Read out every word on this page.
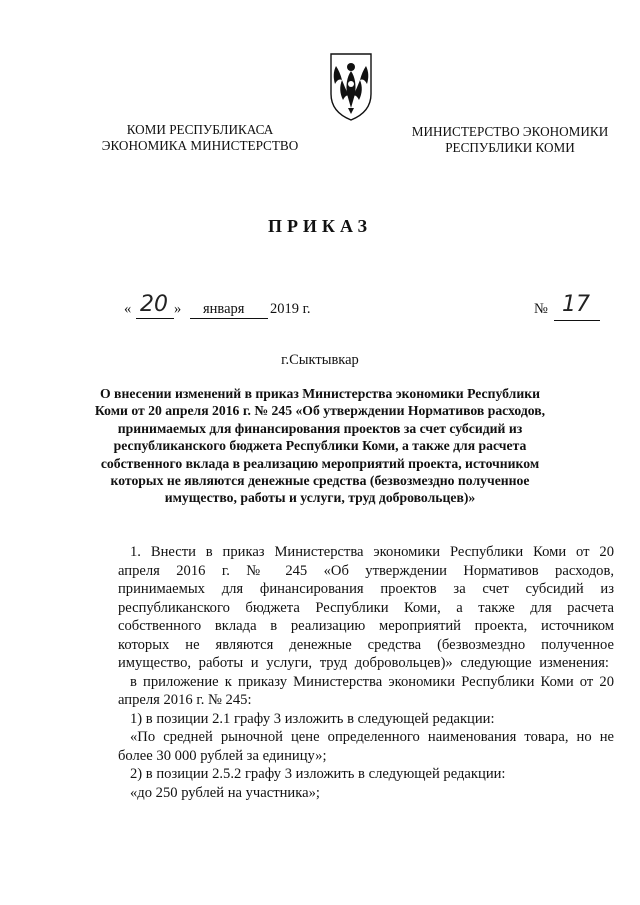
КОМИ РЕСПУБЛИКАСА
ЭКОНОМИКА МИНИСТЕРСТВО
МИНИСТЕРСТВО ЭКОНОМИКИ
РЕСПУБЛИКИ КОМИ
ПРИКАЗ
« 20 » января 2019 г.	№ 17
г.Сыктывкар
О внесении изменений в приказ Министерства экономики Республики Коми от 20 апреля 2016 г. № 245 «Об утверждении Нормативов расходов, принимаемых для финансирования проектов за счет субсидий из республиканского бюджета Республики Коми, а также для расчета собственного вклада в реализацию мероприятий проекта, источником которых не являются денежные средства (безвозмездно полученное имущество, работы и услуги, труд добровольцев)»

1. Внести в приказ Министерства экономики Республики Коми от 20 апреля 2016 г. № 245 «Об утверждении Нормативов расходов, принимаемых для финансирования проектов за счет субсидий из республиканского бюджета Республики Коми, а также для расчета собственного вклада в реализацию мероприятий проекта, источником которых не являются денежные средства (безвозмездно полученное имущество, работы и услуги, труд добровольцев)» следующие изменения:

в приложение к приказу Министерства экономики Республики Коми от 20 апреля 2016 г. № 245:

1) в позиции 2.1 графу 3 изложить в следующей редакции:

«По средней рыночной цене определенного наименования товара, но не более 30 000 рублей за единицу»;

2) в позиции 2.5.2 графу 3 изложить в следующей редакции:

«до 250 рублей на участника»;
